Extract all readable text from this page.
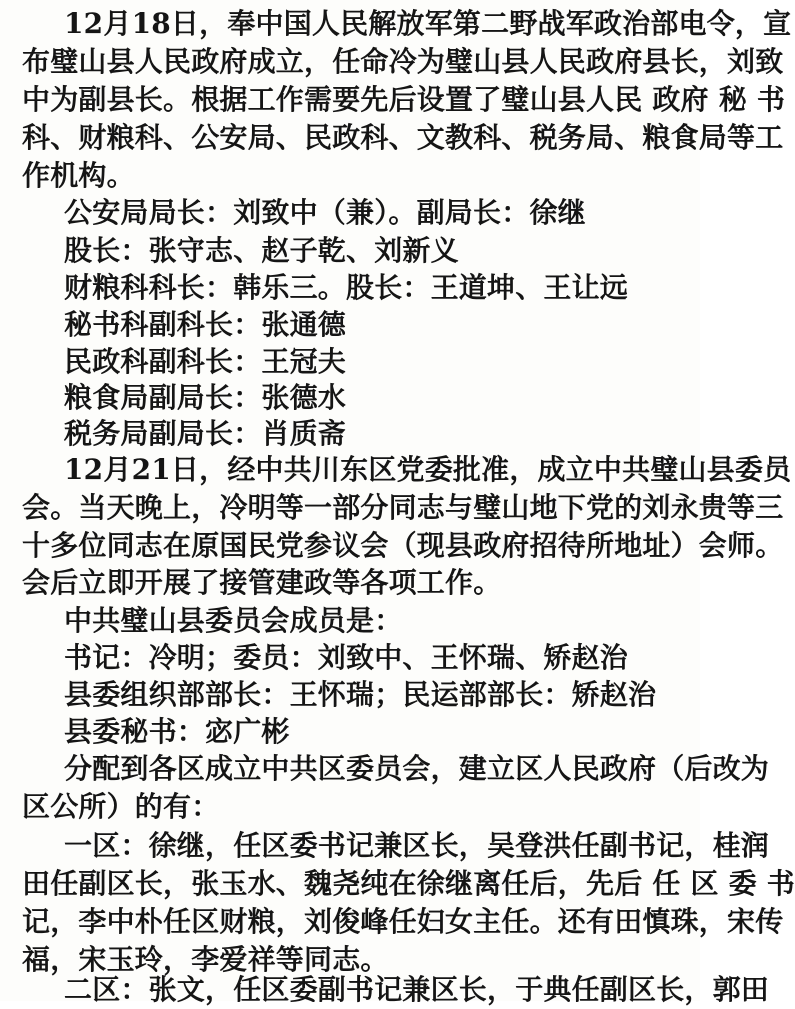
12月18日，奉中国人民解放军第二野战军政治部电令，宣
布璧山县人民政府成立，任命冷为璧山县人民政府县长，刘致
中为副县长。根据工作需要先后设置了璧山县人民 政府 秘 书
科、财粮科、公安局、民政科、文教科、税务局、粮食局等工
作机构。
公安局局长：刘致中（兼）。副局长：徐继
股长：张守志、赵子乾、刘新义
财粮科科长：韩乐三。股长：王道坤、王让远
秘书科副科长：张通德
民政科副科长：王冠夫
粮食局副局长：张德水
税务局副局长：肖质斋
12月21日，经中共川东区党委批准，成立中共璧山县委员
会。当天晚上，冷明等一部分同志与璧山地下党的刘永贵等三
十多位同志在原国民党参议会（现县政府招待所地址）会师。
会后立即开展了接管建政等各项工作。
中共璧山县委员会成员是：
书记：冷明；委员：刘致中、王怀瑞、矫赵治
县委组织部部长：王怀瑞；民运部部长：矫赵治
县委秘书：宓广彬
分配到各区成立中共区委员会，建立区人民政府（后改为
区公所）的有：
一区：徐继，任区委书记兼区长，吴登洪任副书记，桂润
田任副区长，张玉水、魏尧纯在徐继离任后，先后 任 区 委 书
记，李中朴任区财粮，刘俊峰任妇女主任。还有田慎珠，宋传
福，宋玉玲，李爱祥等同志。
二区：张文，任区委副书记兼区长，于典任副区长，郭田
